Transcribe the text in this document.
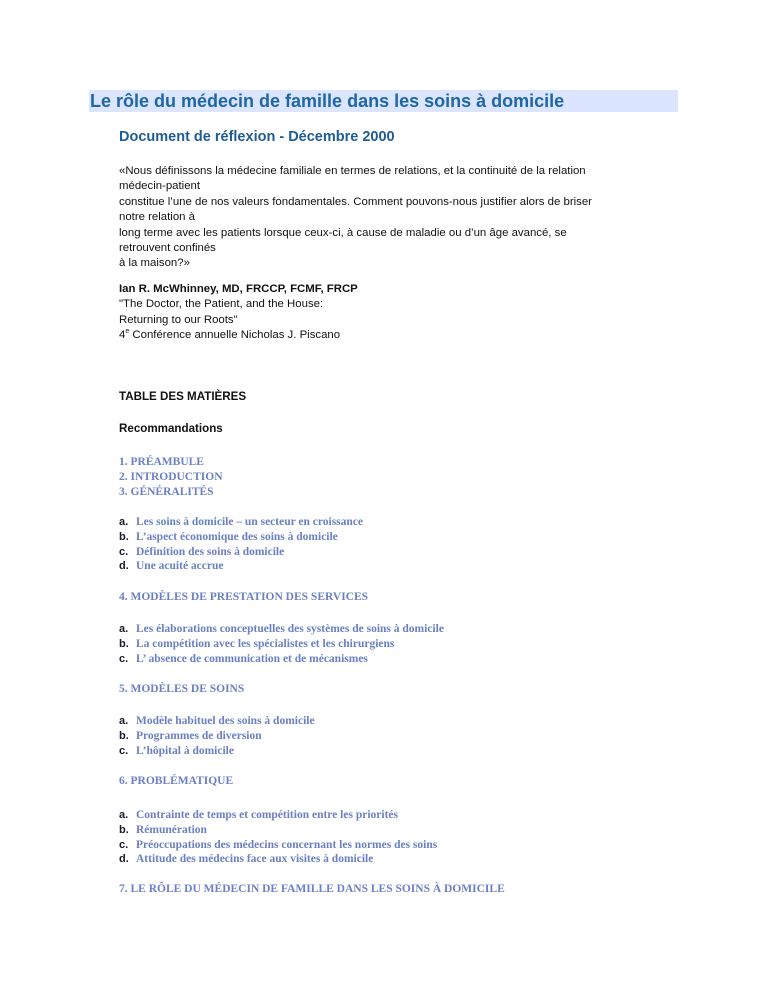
Le rôle du médecin de famille dans les soins à domicile
Document de réflexion - Décembre 2000

«Nous définissons la médecine familiale en termes de relations, et la continuité de la relation
médecin-patient
constitue l’une de nos valeurs fondamentales. Comment pouvons-nous justifier alors de briser
notre relation à
long terme avec les patients lorsque ceux-ci, à cause de maladie ou d’un âge avancé, se
retrouvent confinés
à la maison?»

Ian R. McWhinney, MD, FRCCP, FCMF, FRCP
"The Doctor, the Patient, and the House:
Returning to our Roots"
4e Conférence annuelle Nicholas J. Piscano

TABLE DES MATIÈRES
Recommandations
1. PRÉAMBULE
2. INTRODUCTION
3. GÉNÉRALITÉS
a. Les soins à domicile – un secteur en croissance
b. L’aspect économique des soins à domicile
c. Définition des soins à domicile
d. Une acuité accrue
4. MODÈLES DE PRESTATION DES SERVICES
a. Les élaborations conceptuelles des systèmes de soins à domicile
b. La compétition avec les spécialistes et les chirurgiens
c. L’ absence de communication et de mécanismes
5. MODÈLES DE SOINS
a. Modèle habituel des soins à domicile
b. Programmes de diversion
c. L’hôpital à domicile
6. PROBLÉMATIQUE
a. Contrainte de temps et compétition entre les priorités
b. Rémunération
c. Préoccupations des médecins concernant les normes des soins
d. Attitude des médecins face aux visites à domicile
7. LE RÔLE DU MÉDECIN DE FAMILLE DANS LES SOINS À DOMICILE
